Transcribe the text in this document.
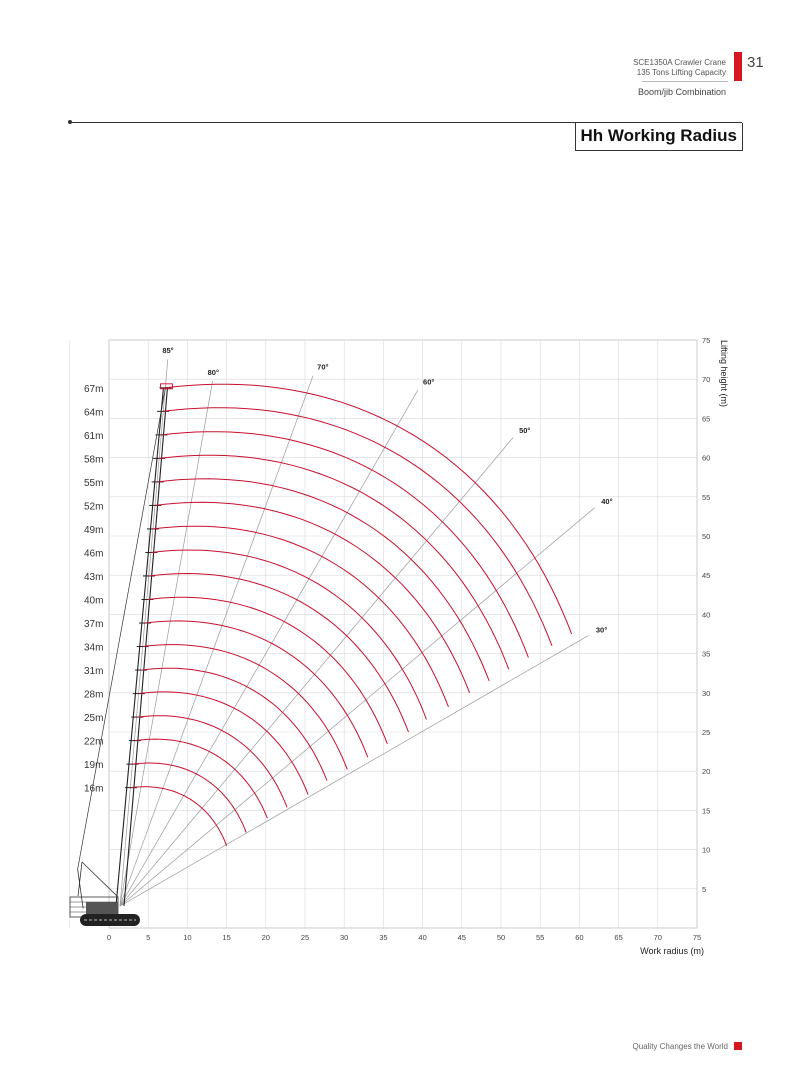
SCE1350A Crawler Crane
135 Tons Lifting Capacity
Boom/jib Combination
31
Hh Working Radius
0	5	10	15	20	25	30	35	40	45	50	55	60	65	70	75
5
10
15
20
25
30
35
40
45
50
55
60
65
70
75
Work radius (m)
Lifting height (m)
85°
80°
70°
60°
50°
40°
30°
16m
19m
22m
25m
28m
31m
34m
37m
40m
43m
46m
49m
52m
55m
58m
61m
64m
67m
Quality Changes the World
